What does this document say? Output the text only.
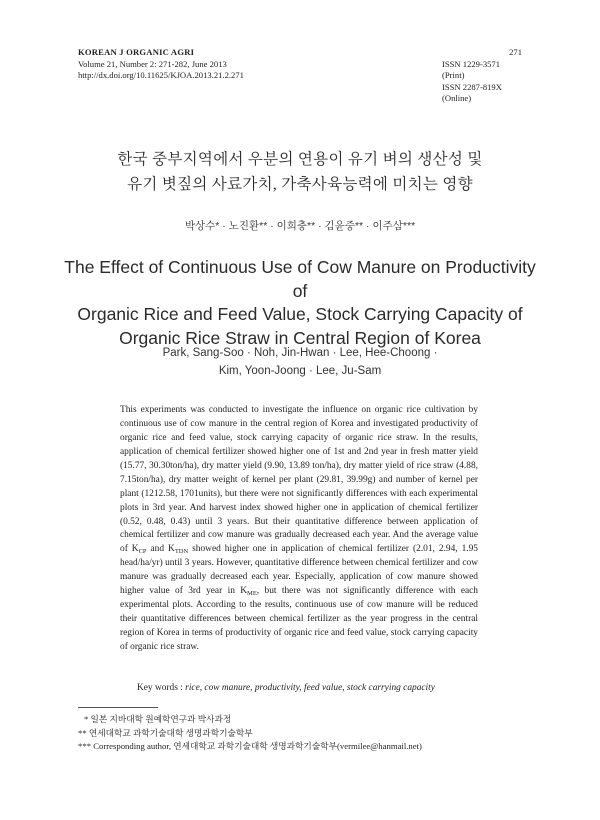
KOREAN J ORGANIC AGRI
Volume 21, Number 2: 271-282, June 2013
http://dx.doi.org/10.11625/KJOA.2013.21.2.271
271
ISSN 1229-3571 (Print)
ISSN 2287-819X (Online)
한국 중부지역에서 우분의 연용이 유기 벼의 생산성 및
유기 볏짚의 사료가치, 가축사육능력에 미치는 영향
박상수* · 노진환** · 이희충** · 김윤중** · 이주삼***
The Effect of Continuous Use of Cow Manure on Productivity of
Organic Rice and Feed Value, Stock Carrying Capacity of
Organic Rice Straw in Central Region of Korea
Park, Sang-Soo · Noh, Jin-Hwan · Lee, Hee-Choong ·
Kim, Yoon-Joong · Lee, Ju-Sam
This experiments was conducted to investigate the influence on organic rice cultivation by continuous use of cow manure in the central region of Korea and investigated productivity of organic rice and feed value, stock carrying capacity of organic rice straw. In the results, application of chemical fertilizer showed higher one of 1st and 2nd year in fresh matter yield (15.77, 30.30ton/ha), dry matter yield (9.90, 13.89 ton/ha), dry matter yield of rice straw (4.88, 7.15ton/ha), dry matter weight of kernel per plant (29.81, 39.99g) and number of kernel per plant (1212.58, 1701units), but there were not significantly differences with each experimental plots in 3rd year. And harvest index showed higher one in application of chemical fertilizer (0.52, 0.48, 0.43) until 3 years. But their quantitative difference between application of chemical fertilizer and cow manure was gradually decreased each year. And the average value of $K_{CP}$ and $K_{TDN}$ showed higher one in application of chemical fertilizer (2.01, 2.94, 1.95 head/ha/yr) until 3 years. However, quantitative difference between chemical fertilizer and cow manure was gradually decreased each year. Especially, application of cow manure showed higher value of 3rd year in $K_{ME}$, but there was not significantly difference with each experimental plots. According to the results, continuous use of cow manure will be reduced their quantitative differences between chemical fertilizer as the year progress in the central region of Korea in terms of productivity of organic rice and feed value, stock carrying capacity of organic rice straw.
Key words : rice, cow manure, productivity, feed value, stock carrying capacity
* 일본 지바대학 원예학연구과 박사과정
** 연세대학교 과학기술대학 생명과학기술학부
*** Corresponding author, 연세대학교 과학기술대학 생명과학기술학부(vermilee@hanmail.net)
